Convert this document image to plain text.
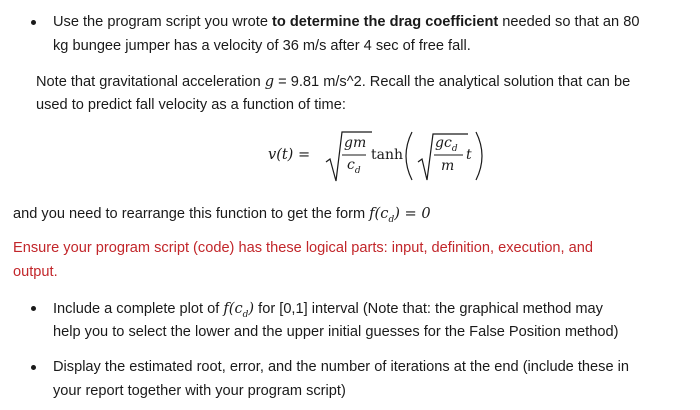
Use the program script you wrote to determine the drag coefficient needed so that an 80
kg bungee jumper has a velocity of 36 m/s after 4 sec of free fall.
Note that gravitational acceleration g = 9.81 m/s^2. Recall the analytical solution that can be
used to predict fall velocity as a function of time:
v(t) =
gm
$c_d$
tanh
$gc_d$
m
t
and you need to rearrange this function to get the form $f(c_d) = 0$
Ensure your program script (code) has these logical parts: input, definition, execution, and
output.
Include a complete plot of $f(c_d)$ for [0,1] interval (Note that: the graphical method may
help you to select the lower and the upper initial guesses for the False Position method)
Display the estimated root, error, and the number of iterations at the end (include these in
your report together with your program script)
